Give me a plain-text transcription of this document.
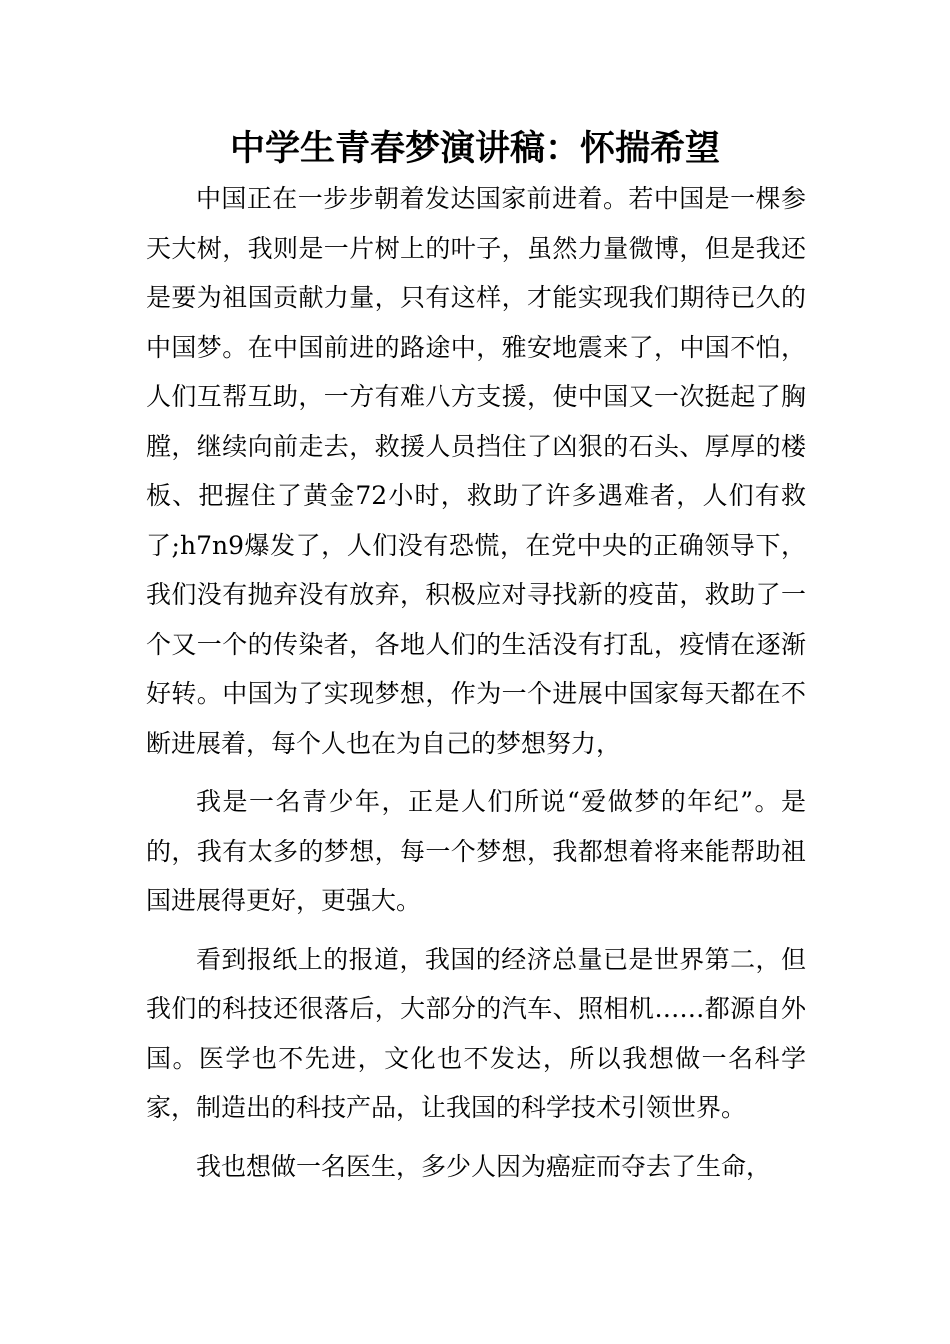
中学生青春梦演讲稿：怀揣希望

中国正在一步步朝着发达国家前进着。若中国是一棵参天大树，我则是一片树上的叶子，虽然力量微博，但是我还是要为祖国贡献力量，只有这样，才能实现我们期待已久的中国梦。在中国前进的路途中，雅安地震来了，中国不怕，人们互帮互助，一方有难八方支援，使中国又一次挺起了胸膛，继续向前走去，救援人员挡住了凶狠的石头、厚厚的楼板、把握住了黄金72小时，救助了许多遇难者，人们有救了;h7n9爆发了，人们没有恐慌，在党中央的正确领导下，我们没有抛弃没有放弃，积极应对寻找新的疫苗，救助了一个又一个的传染者，各地人们的生活没有打乱，疫情在逐渐好转。中国为了实现梦想，作为一个进展中国家每天都在不断进展着，每个人也在为自己的梦想努力，

我是一名青少年，正是人们所说“爱做梦的年纪”。是的，我有太多的梦想，每一个梦想，我都想着将来能帮助祖国进展得更好，更强大。

看到报纸上的报道，我国的经济总量已是世界第二，但我们的科技还很落后，大部分的汽车、照相机……都源自外国。医学也不先进，文化也不发达，所以我想做一名科学家，制造出的科技产品，让我国的科学技术引领世界。

我也想做一名医生，多少人因为癌症而夺去了生命，
